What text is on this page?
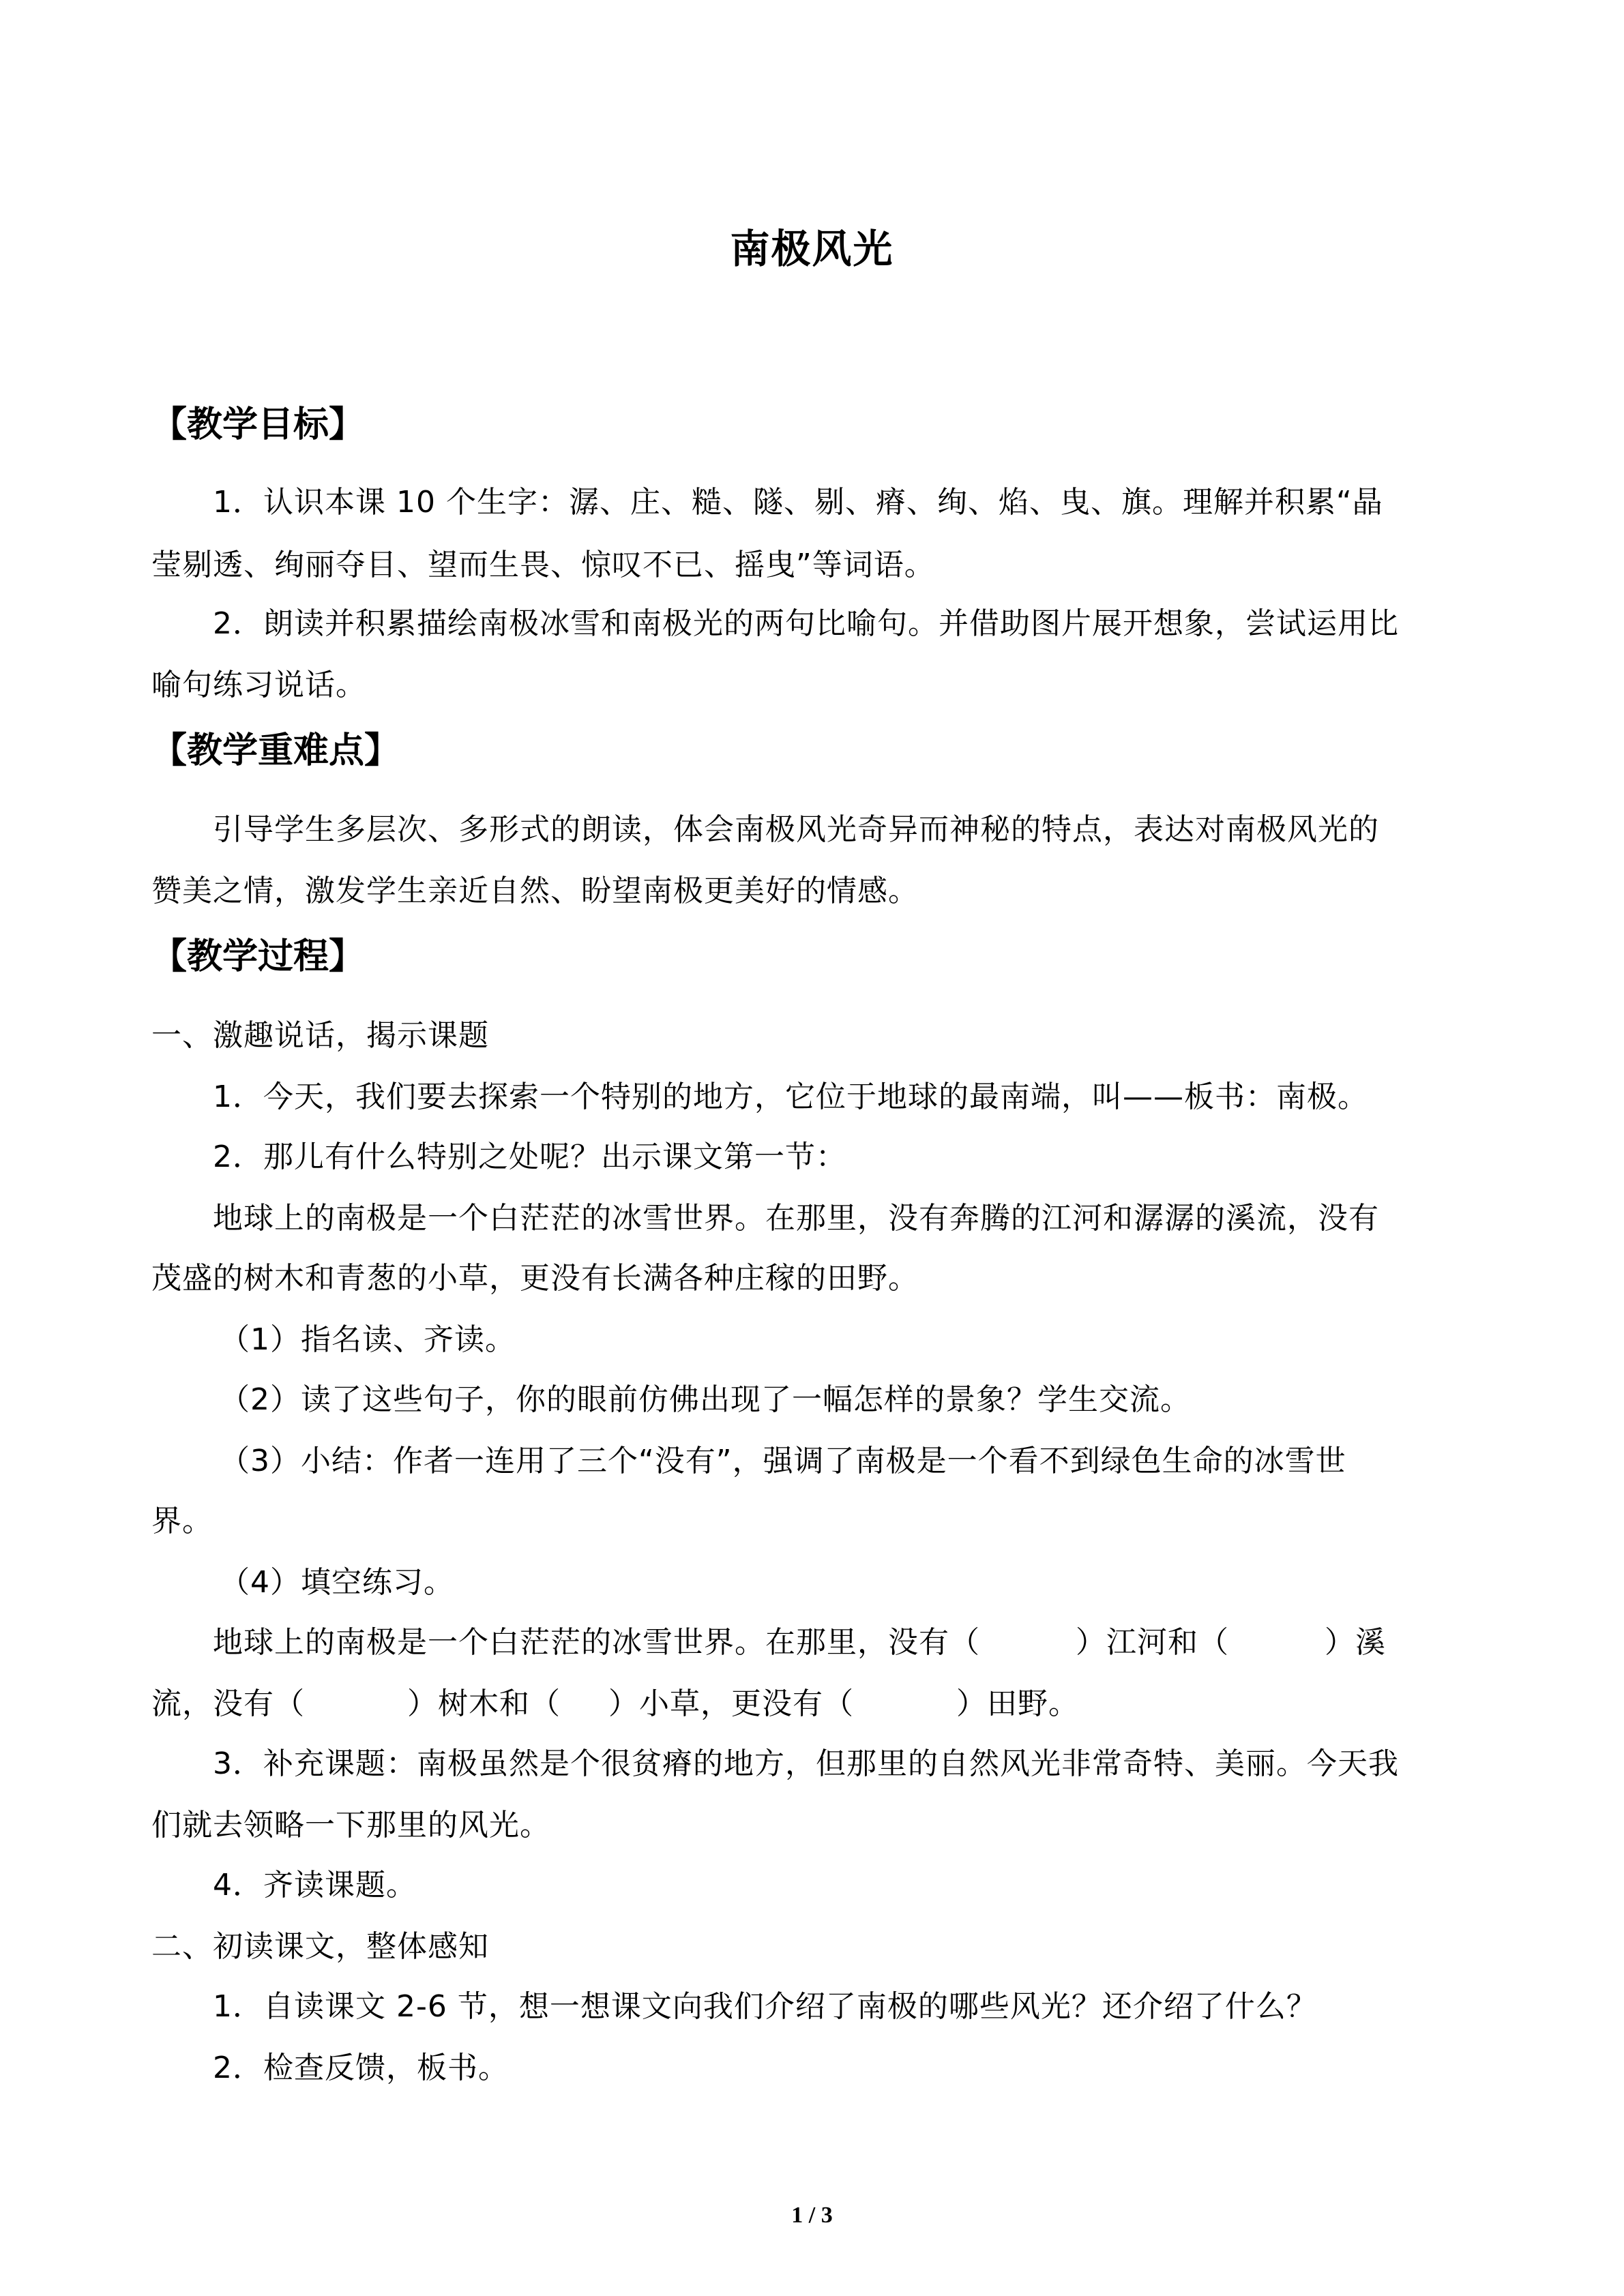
南极风光
【教学目标】
1．认识本课 10 个生字：潺、庄、糙、隧、剔、瘠、绚、焰、曳、旗。理解并积累“晶
莹剔透、绚丽夺目、望而生畏、惊叹不已、摇曳”等词语。
2．朗读并积累描绘南极冰雪和南极光的两句比喻句。并借助图片展开想象，尝试运用比
喻句练习说话。
【教学重难点】
引导学生多层次、多形式的朗读，体会南极风光奇异而神秘的特点，表达对南极风光的
赞美之情，激发学生亲近自然、盼望南极更美好的情感。
【教学过程】
一、激趣说话，揭示课题
1．今天，我们要去探索一个特别的地方，它位于地球的最南端，叫——板书：南极。
2．那儿有什么特别之处呢？出示课文第一节：
地球上的南极是一个白茫茫的冰雪世界。在那里，没有奔腾的江河和潺潺的溪流，没有
茂盛的树木和青葱的小草，更没有长满各种庄稼的田野。
（1）指名读、齐读。
（2）读了这些句子，你的眼前仿佛出现了一幅怎样的景象？学生交流。
（3）小结：作者一连用了三个“没有”，强调了南极是一个看不到绿色生命的冰雪世
界。
（4）填空练习。
地球上的南极是一个白茫茫的冰雪世界。在那里，没有（	）江河和（	）溪
流，没有（	）树木和（ ）小草，更没有（	）田野。
3．补充课题：南极虽然是个很贫瘠的地方，但那里的自然风光非常奇特、美丽。今天我
们就去领略一下那里的风光。
4．齐读课题。
二、初读课文，整体感知
1．自读课文 2-6 节，想一想课文向我们介绍了南极的哪些风光？还介绍了什么？
2．检查反馈，板书。
1 / 3
